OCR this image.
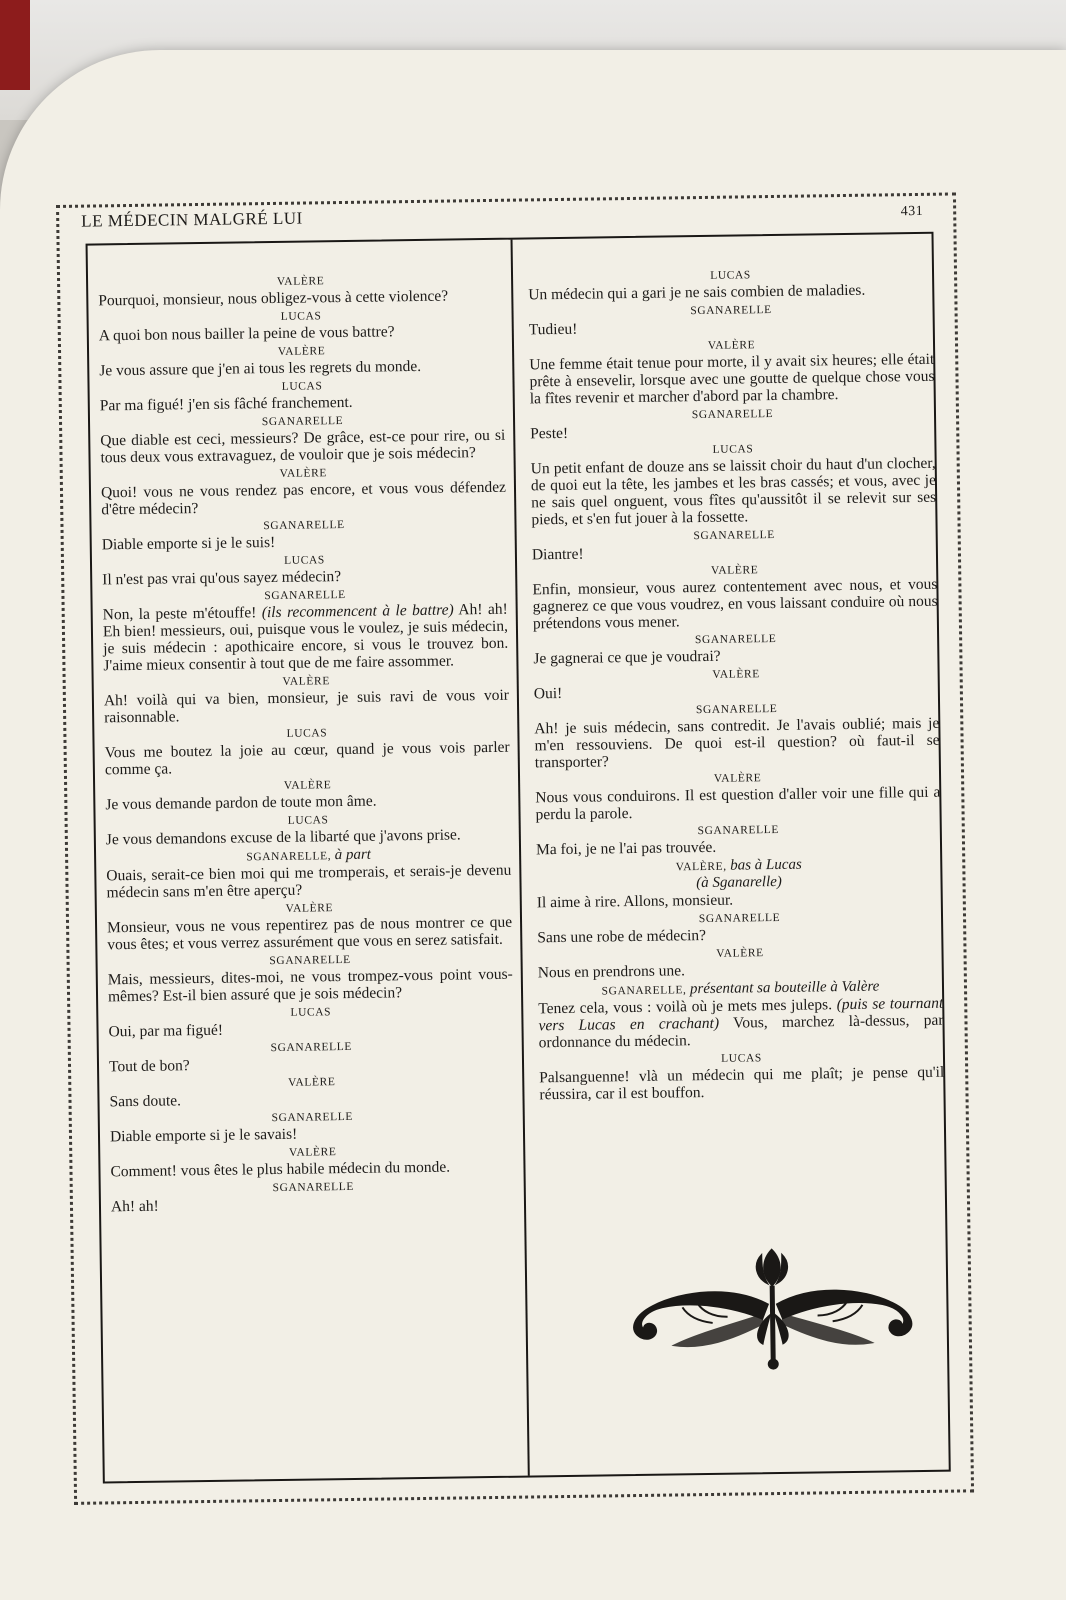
LE MÉDECIN MALGRÉ LUI	431
VALÈRE
Pourquoi, monsieur, nous obligez-vous à cette violence?
LUCAS
A quoi bon nous bailler la peine de vous battre?
VALÈRE
Je vous assure que j'en ai tous les regrets du monde.
LUCAS
Par ma figué! j'en sis fâché franchement.
SGANARELLE
Que diable est ceci, messieurs? De grâce, est-ce pour rire, ou si tous deux vous extravaguez, de vouloir que je sois médecin?
VALÈRE
Quoi! vous ne vous rendez pas encore, et vous vous défendez d'être médecin?
SGANARELLE
Diable emporte si je le suis!
LUCAS
Il n'est pas vrai qu'ous sayez médecin?
SGANARELLE
Non, la peste m'étouffe! (ils recommencent à le battre) Ah! ah! Eh bien! messieurs, oui, puisque vous le voulez, je suis médecin, je suis médecin : apothicaire encore, si vous le trouvez bon. J'aime mieux consentir à tout que de me faire assommer.
VALÈRE
Ah! voilà qui va bien, monsieur, je suis ravi de vous voir raisonnable.
LUCAS
Vous me boutez la joie au cœur, quand je vous vois parler comme ça.
VALÈRE
Je vous demande pardon de toute mon âme.
LUCAS
Je vous demandons excuse de la libarté que j'avons prise.
SGANARELLE, à part
Ouais, serait-ce bien moi qui me tromperais, et serais-je devenu médecin sans m'en être aperçu?
VALÈRE
Monsieur, vous ne vous repentirez pas de nous montrer ce que vous êtes; et vous verrez assurément que vous en serez satisfait.
SGANARELLE
Mais, messieurs, dites-moi, ne vous trompez-vous point vous-mêmes? Est-il bien assuré que je sois médecin?
LUCAS
Oui, par ma figué!
SGANARELLE
Tout de bon?
VALÈRE
Sans doute.
SGANARELLE
Diable emporte si je le savais!
VALÈRE
Comment! vous êtes le plus habile médecin du monde.
SGANARELLE
Ah! ah!
LUCAS
Un médecin qui a gari je ne sais combien de maladies.
SGANARELLE
Tudieu!
VALÈRE
Une femme était tenue pour morte, il y avait six heures; elle était prête à ensevelir, lorsque avec une goutte de quelque chose vous la fîtes revenir et marcher d'abord par la chambre.
SGANARELLE
Peste!
LUCAS
Un petit enfant de douze ans se laissit choir du haut d'un clocher, de quoi eut la tête, les jambes et les bras cassés; et vous, avec je ne sais quel onguent, vous fîtes qu'aussitôt il se relevit sur ses pieds, et s'en fut jouer à la fossette.
SGANARELLE
Diantre!
VALÈRE
Enfin, monsieur, vous aurez contentement avec nous, et vous gagnerez ce que vous voudrez, en vous laissant conduire où nous prétendons vous mener.
SGANARELLE
Je gagnerai ce que je voudrai?
VALÈRE
Oui!
SGANARELLE
Ah! je suis médecin, sans contredit. Je l'avais oublié; mais je m'en ressouviens. De quoi est-il question? où faut-il se transporter?
VALÈRE
Nous vous conduirons. Il est question d'aller voir une fille qui a perdu la parole.
SGANARELLE
Ma foi, je ne l'ai pas trouvée.
VALÈRE, bas à Lucas
(à Sganarelle)
Il aime à rire. Allons, monsieur.
SGANARELLE
Sans une robe de médecin?
VALÈRE
Nous en prendrons une.
SGANARELLE, présentant sa bouteille à Valère
Tenez cela, vous : voilà où je mets mes juleps. (puis se tournant vers Lucas en crachant) Vous, marchez là-dessus, par ordonnance du médecin.
LUCAS
Palsanguenne! vlà un médecin qui me plaît; je pense qu'il réussira, car il est bouffon.
